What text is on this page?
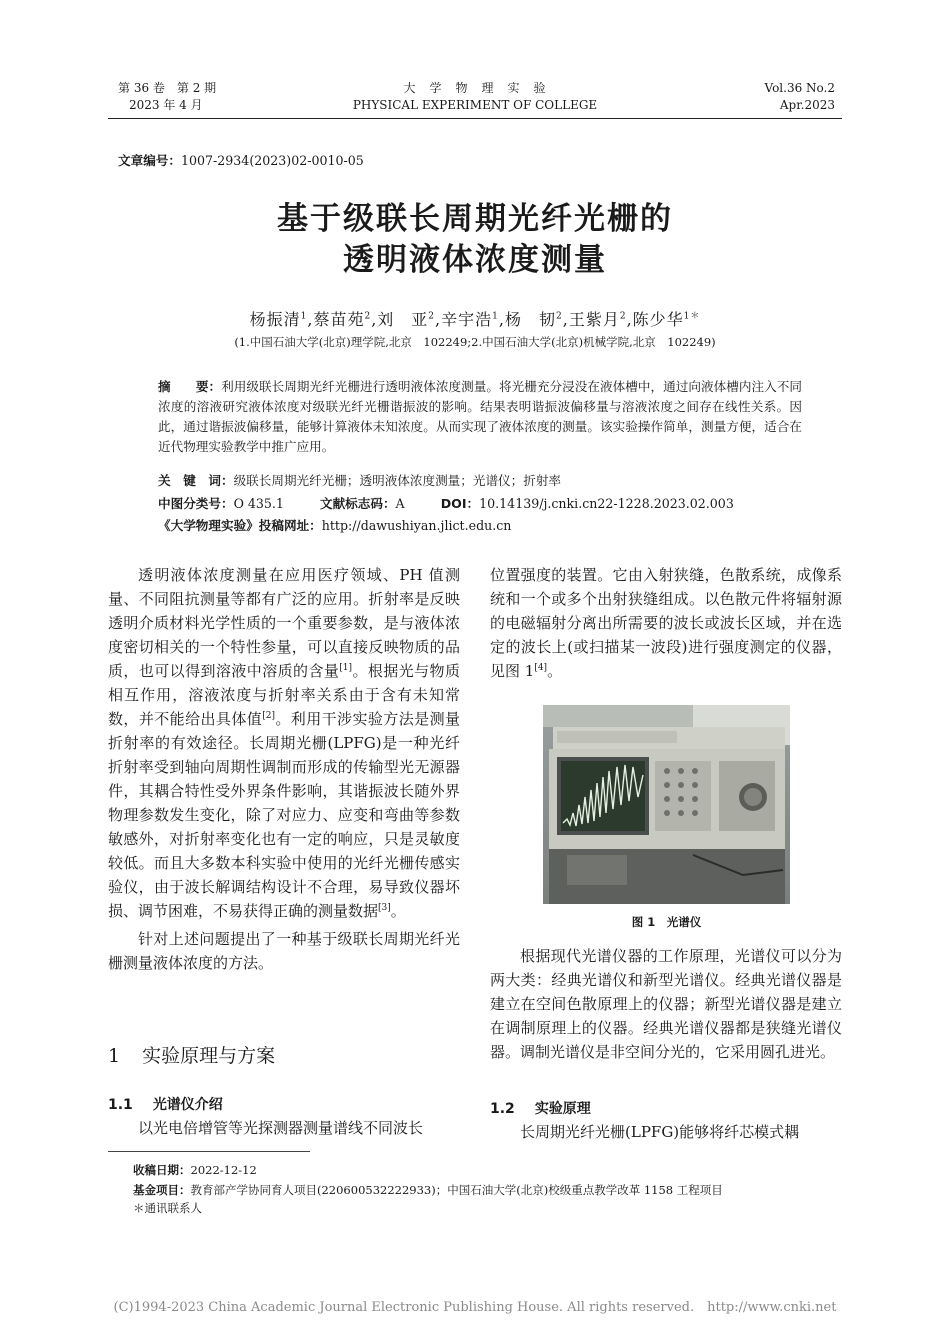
第 36 卷　第 2 期
2023 年 4 月
大　学　物　理　实　验
PHYSICAL EXPERIMENT OF COLLEGE
Vol.36 No.2
Apr.2023
文章编号：1007-2934(2023)02-0010-05
基于级联长周期光纤光栅的
透明液体浓度测量
杨振清$^1$,蔡苗苑$^2$,刘　亚$^2$,辛宇浩$^1$,杨　韧$^2$,王紫月$^2$,陈少华$^{1*}$
(1.中国石油大学(北京)理学院,北京　102249;2.中国石油大学(北京)机械学院,北京　102249)
摘　　要：利用级联长周期光纤光栅进行透明液体浓度测量。将光栅充分浸没在液体槽中，通过向液体槽内注入不同浓度的溶液研究液体浓度对级联光纤光栅谐振波的影响。结果表明谐振波偏移量与溶液浓度之间存在线性关系。因此，通过谐振波偏移量，能够计算液体未知浓度。从而实现了液体浓度的测量。该实验操作简单，测量方便，适合在近代物理实验教学中推广应用。
关　键　词：级联长周期光纤光栅；透明液体浓度测量；光谱仪；折射率
中图分类号：O 435.1	文献标志码：A	DOI：10.14139/j.cnki.cn22-1228.2023.02.003
《大学物理实验》投稿网址：http://dawushiyan.jlict.edu.cn

透明液体浓度测量在应用医疗领域、PH 值测量、不同阻抗测量等都有广泛的应用。折射率是反映透明介质材料光学性质的一个重要参数，是与液体浓度密切相关的一个特性参量，可以直接反映物质的品质，也可以得到溶液中溶质的含量[1]。根据光与物质相互作用，溶液浓度与折射率关系由于含有未知常数，并不能给出具体值[2]。利用干涉实验方法是测量折射率的有效途径。长周期光栅(LPFG)是一种光纤折射率受到轴向周期性调制而形成的传输型光无源器件，其耦合特性受外界条件影响，其谐振波长随外界物理参数发生变化，除了对应力、应变和弯曲等参数敏感外，对折射率变化也有一定的响应，只是灵敏度较低。而且大多数本科实验中使用的光纤光栅传感实验仪，由于波长解调结构设计不合理，易导致仪器坏损、调节困难，不易获得正确的测量数据[3]。

针对上述问题提出了一种基于级联长周期光纤光栅测量液体浓度的方法。

1 实验原理与方案
1.1 光谱仪介绍

以光电倍增管等光探测器测量谱线不同波长

位置强度的装置。它由入射狭缝，色散系统，成像系统和一个或多个出射狭缝组成。以色散元件将辐射源的电磁辐射分离出所需要的波长或波长区域，并在选定的波长上(或扫描某一波段)进行强度测定的仪器，见图 1[4]。

图 1　光谱仪

根据现代光谱仪器的工作原理，光谱仪可以分为两大类：经典光谱仪和新型光谱仪。经典光谱仪器是建立在空间色散原理上的仪器；新型光谱仪器是建立在调制原理上的仪器。经典光谱仪器都是狭缝光谱仪器。调制光谱仪是非空间分光的，它采用圆孔进光。

1.2 实验原理

长周期光纤光栅(LPFG)能够将纤芯模式耦

收稿日期：2022-12-12
基金项目：教育部产学协同育人项目(220600532222933)；中国石油大学(北京)校级重点教学改革 1158 工程项目
＊通讯联系人
(C)1994-2023 China Academic Journal Electronic Publishing House. All rights reserved.　http://www.cnki.net
